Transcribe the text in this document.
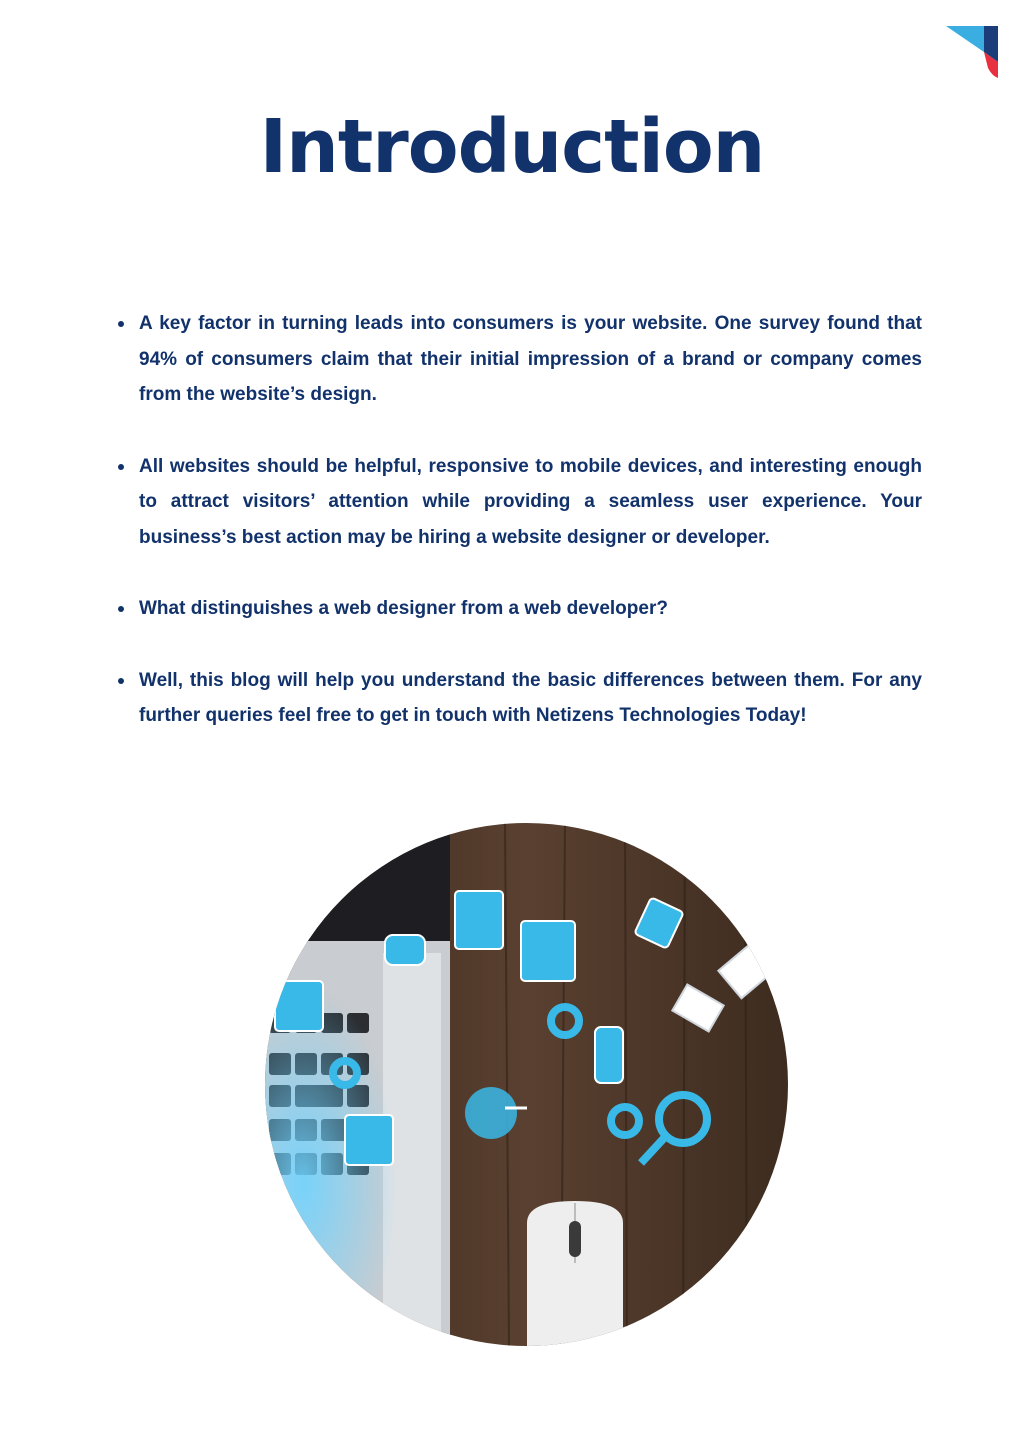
Introduction
A key factor in turning leads into consumers is your website. One survey found that 94% of consumers claim that their initial impression of a brand or company comes from the website’s design.
All websites should be helpful, responsive to mobile devices, and interesting enough to attract visitors’ attention while providing a seamless user experience. Your business’s best action may be hiring a website designer or developer.
What distinguishes a web designer from a web developer?
Well, this blog will help you understand the basic differences between them. For any further queries feel free to get in touch with Netizens Technologies Today!
